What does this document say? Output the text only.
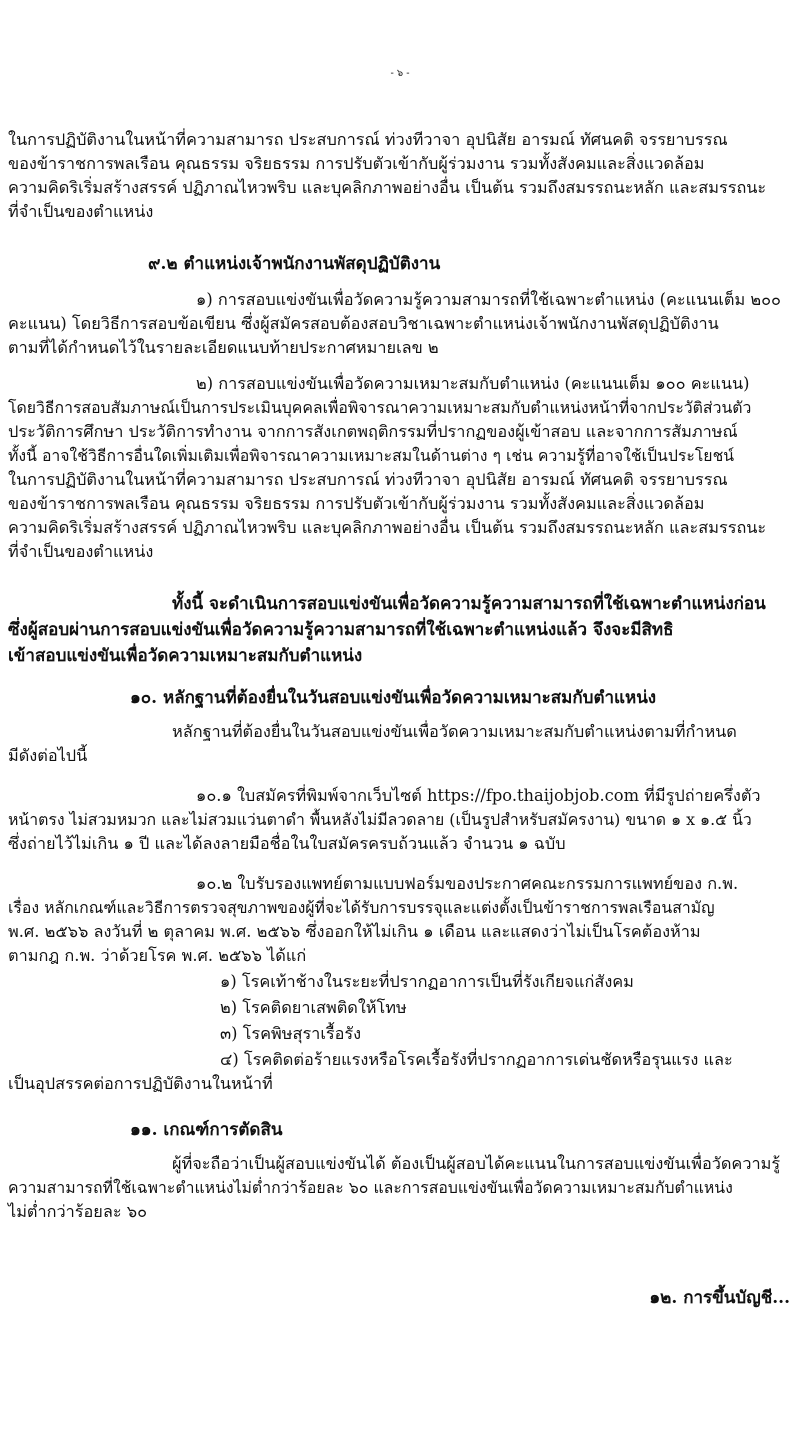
- ๖ -
ในการปฏิบัติงานในหน้าที่ความสามารถ ประสบการณ์ ท่วงทีวาจา อุปนิสัย อารมณ์ ทัศนคติ จรรยาบรรณ
ของข้าราชการพลเรือน คุณธรรม จริยธรรม การปรับตัวเข้ากับผู้ร่วมงาน รวมทั้งสังคมและสิ่งแวดล้อม
ความคิดริเริ่มสร้างสรรค์ ปฏิภาณไหวพริบ และบุคลิกภาพอย่างอื่น เป็นต้น รวมถึงสมรรถนะหลัก และสมรรถนะ
ที่จำเป็นของตำแหน่ง
๙.๒ ตำแหน่งเจ้าพนักงานพัสดุปฏิบัติงาน
๑) การสอบแข่งขันเพื่อวัดความรู้ความสามารถที่ใช้เฉพาะตำแหน่ง (คะแนนเต็ม ๒๐๐
คะแนน) โดยวิธีการสอบข้อเขียน ซึ่งผู้สมัครสอบต้องสอบวิชาเฉพาะตำแหน่งเจ้าพนักงานพัสดุปฏิบัติงาน
ตามที่ได้กำหนดไว้ในรายละเอียดแนบท้ายประกาศหมายเลข ๒
๒) การสอบแข่งขันเพื่อวัดความเหมาะสมกับตำแหน่ง (คะแนนเต็ม ๑๐๐ คะแนน)
โดยวิธีการสอบสัมภาษณ์เป็นการประเมินบุคคลเพื่อพิจารณาความเหมาะสมกับตำแหน่งหน้าที่จากประวัติส่วนตัว
ประวัติการศึกษา ประวัติการทำงาน จากการสังเกตพฤติกรรมที่ปรากฏของผู้เข้าสอบ และจากการสัมภาษณ์
ทั้งนี้ อาจใช้วิธีการอื่นใดเพิ่มเติมเพื่อพิจารณาความเหมาะสมในด้านต่าง ๆ เช่น ความรู้ที่อาจใช้เป็นประโยชน์
ในการปฏิบัติงานในหน้าที่ความสามารถ ประสบการณ์ ท่วงทีวาจา อุปนิสัย อารมณ์ ทัศนคติ จรรยาบรรณ
ของข้าราชการพลเรือน คุณธรรม จริยธรรม การปรับตัวเข้ากับผู้ร่วมงาน รวมทั้งสังคมและสิ่งแวดล้อม
ความคิดริเริ่มสร้างสรรค์ ปฏิภาณไหวพริบ และบุคลิกภาพอย่างอื่น เป็นต้น รวมถึงสมรรถนะหลัก และสมรรถนะ
ที่จำเป็นของตำแหน่ง
ทั้งนี้ จะดำเนินการสอบแข่งขันเพื่อวัดความรู้ความสามารถที่ใช้เฉพาะตำแหน่งก่อน
ซึ่งผู้สอบผ่านการสอบแข่งขันเพื่อวัดความรู้ความสามารถที่ใช้เฉพาะตำแหน่งแล้ว จึงจะมีสิทธิ
เข้าสอบแข่งขันเพื่อวัดความเหมาะสมกับตำแหน่ง
๑๐. หลักฐานที่ต้องยื่นในวันสอบแข่งขันเพื่อวัดความเหมาะสมกับตำแหน่ง
หลักฐานที่ต้องยื่นในวันสอบแข่งขันเพื่อวัดความเหมาะสมกับตำแหน่งตามที่กำหนด
มีดังต่อไปนี้
๑๐.๑ ใบสมัครที่พิมพ์จากเว็บไซต์ https://fpo.thaijobjob.com ที่มีรูปถ่ายครึ่งตัว
หน้าตรง ไม่สวมหมวก และไม่สวมแว่นตาดำ พื้นหลังไม่มีลวดลาย (เป็นรูปสำหรับสมัครงาน) ขนาด ๑ x ๑.๕ นิ้ว
ซึ่งถ่ายไว้ไม่เกิน ๑ ปี และได้ลงลายมือชื่อในใบสมัครครบถ้วนแล้ว จำนวน ๑ ฉบับ
๑๐.๒ ใบรับรองแพทย์ตามแบบฟอร์มของประกาศคณะกรรมการแพทย์ของ ก.พ.
เรื่อง หลักเกณฑ์และวิธีการตรวจสุขภาพของผู้ที่จะได้รับการบรรจุและแต่งตั้งเป็นข้าราชการพลเรือนสามัญ
พ.ศ. ๒๕๖๖ ลงวันที่ ๒ ตุลาคม พ.ศ. ๒๕๖๖ ซึ่งออกให้ไม่เกิน ๑ เดือน และแสดงว่าไม่เป็นโรคต้องห้าม
ตามกฎ ก.พ. ว่าด้วยโรค พ.ศ. ๒๕๖๖ ได้แก่
๑) โรคเท้าช้างในระยะที่ปรากฏอาการเป็นที่รังเกียจแก่สังคม
๒) โรคติดยาเสพติดให้โทษ
๓) โรคพิษสุราเรื้อรัง
๔) โรคติดต่อร้ายแรงหรือโรคเรื้อรังที่ปรากฏอาการเด่นชัดหรือรุนแรง และ
เป็นอุปสรรคต่อการปฏิบัติงานในหน้าที่
๑๑. เกณฑ์การตัดสิน
ผู้ที่จะถือว่าเป็นผู้สอบแข่งขันได้ ต้องเป็นผู้สอบได้คะแนนในการสอบแข่งขันเพื่อวัดความรู้
ความสามารถที่ใช้เฉพาะตำแหน่งไม่ต่ำกว่าร้อยละ ๖๐ และการสอบแข่งขันเพื่อวัดความเหมาะสมกับตำแหน่ง
ไม่ต่ำกว่าร้อยละ ๖๐
๑๒. การขึ้นบัญชี...
